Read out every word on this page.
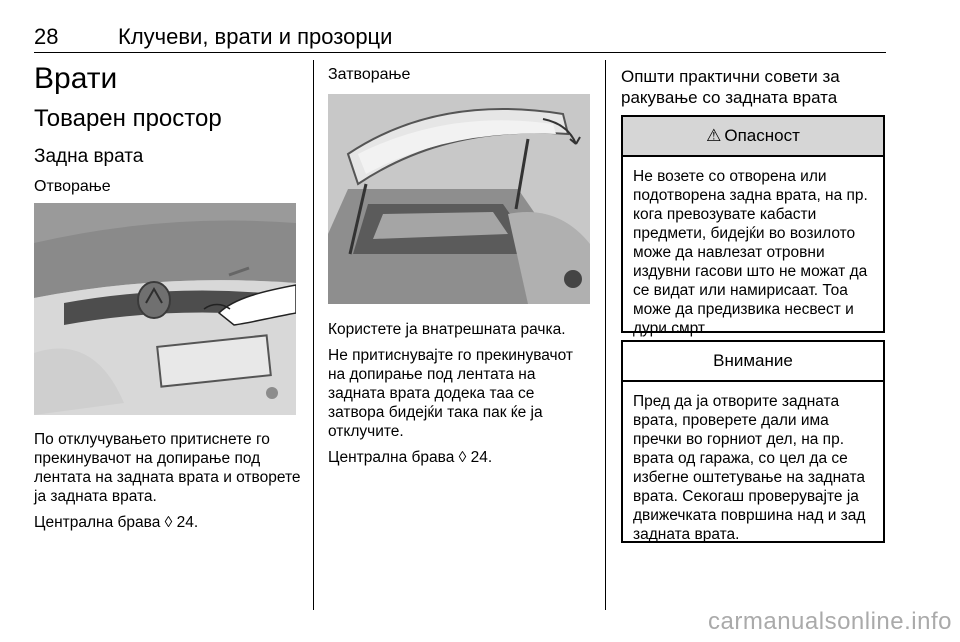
28	Клучеви, врати и прозорци
Врати
Товарен простор
Задна врата
Отворање

По отклучувањето притиснете го прекинувачот на допирање под лентата на задната врата и отворете ја задната врата.

Централна брава ◊ 24.

Затворање

Користете ја внатрешната рачка.

Не притиснувајте го прекинувачот на допирање под лентата на задната врата додека таа се затвора бидејќи така пак ќе ја отклучите.

Централна брава ◊ 24.

Општи практични совети за ракување со задната врата
⚠ Опасност
Не возете со отворена или подотворена задна врата, на пр. кога превозувате кабасти предмети, бидејќи во возилото може да навлезат отровни издувни гасови што не можат да се видат или намирисаат. Тоа може да предизвика несвест и дури смрт.
Внимание
Пред да ја отворите задната врата, проверете дали има пречки во горниот дел, на пр. врата од гаража, со цел да се избегне оштетување на задната врата. Секогаш проверувајте ја движечката површина над и зад задната врата.
carmanualsonline.info
